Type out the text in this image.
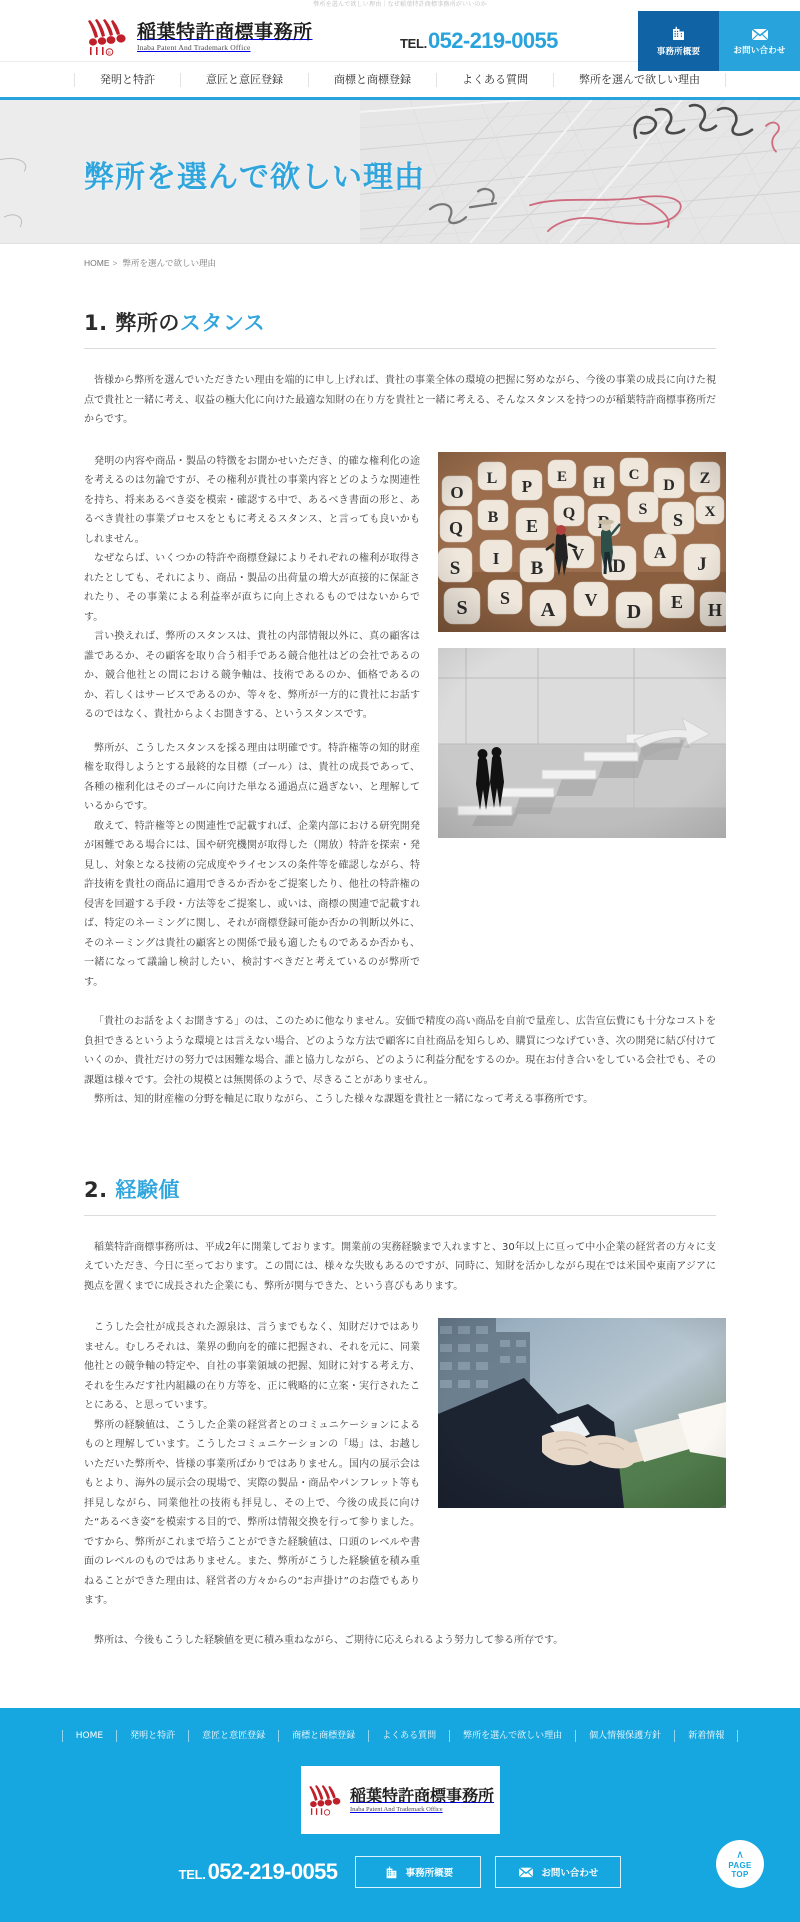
弊所を選んで欲しい理由｜なぜ稲葉特許商標事務所がいいのか
R
稲葉特許商標事務所
Inaba Patent And Trademark Office	TEL. 052-219-0055	事務所概要	お問い合わせ
発明と特許	意匠と意匠登録	商標と商標登録	よくある質問	弊所を選んで欲しい理由
弊所を選んで欲しい理由
HOME > 弊所を選んで欲しい理由
1. 弊所のスタンス

皆様から弊所を選んでいただきたい理由を端的に申し上げれば、貴社の事業全体の環境の把握に努めながら、今後の事業の成長に向けた視点で貴社と一緒に考え、収益の極大化に向けた最適な知財の在り方を貴社と一緒に考える、そんなスタンスを持つのが稲葉特許商標事務所だからです。

発明の内容や商品・製品の特徴をお聞かせいただき、的確な権利化の途を考えるのは勿論ですが、その権利が貴社の事業内容とどのような関連性を持ち、将来あるべき姿を模索・確認する中で、あるべき書面の形と、あるべき貴社の事業プロセスをともに考えるスタンス、と言っても良いかもしれません。

なぜならば、いくつかの特許や商標登録によりそれぞれの権利が取得されたとしても、それにより、商品・製品の出荷量の増大が直接的に保証されたり、その事業による利益率が直ちに向上されるものではないからです。

言い換えれば、弊所のスタンスは、貴社の内部情報以外に、真の顧客は誰であるか、その顧客を取り合う相手である競合他社はどの会社であるのか、競合他社との間における競争軸は、技術であるのか、価格であるのか、若しくはサービスであるのか、等々を、弊所が一方的に貴社にお話するのではなく、貴社からよくお聞きする、というスタンスです。

弊所が、こうしたスタンスを採る理由は明確です。特許権等の知的財産権を取得しようとする最終的な目標（ゴール）は、貴社の成長であって、各種の権利化はそのゴールに向けた単なる通過点に過ぎない、と理解しているからです。

敢えて、特許権等との関連性で記載すれば、企業内部における研究開発が困難である場合には、国や研究機関が取得した（開放）特許を探索・発見し、対象となる技術の完成度やライセンスの条件等を確認しながら、特許技術を貴社の商品に適用できるか否かをご提案したり、他社の特許権の侵害を回避する手段・方法等をご提案し、或いは、商標の関連で記載すれば、特定のネーミングに関し、それが商標登録可能か否かの判断以外に、そのネーミングは貴社の顧客との関係で最も適したものであるか否かも、一緒になって議論し検討したい、検討すべきだと考えているのが弊所です。

「貴社のお話をよくお聞きする」のは、このために他なりません。安価で精度の高い商品を自前で量産し、広告宣伝費にも十分なコストを負担できるというような環境とは言えない場合、どのような方法で顧客に自社商品を知らしめ、購買につなげていき、次の開発に結び付けていくのか、貴社だけの努力では困難な場合、誰と協力しながら、どのように利益分配をするのか。現在お付き合いをしている会社でも、その課題は様々です。会社の規模とは無関係のようで、尽きることがありません。

弊所は、知的財産権の分野を軸足に取りながら、こうした様々な課題を貴社と一緒になって考える事務所です。

2. 経験値

稲葉特許商標事務所は、平成2年に開業しております。開業前の実務経験まで入れますと、30年以上に亘って中小企業の経営者の方々に支えていただき、今日に至っております。この間には、様々な失敗もあるのですが、同時に、知財を活かしながら現在では米国や東南アジアに拠点を置くまでに成長された企業にも、弊所が関与できた、という喜びもあります。

こうした会社が成長された源泉は、言うまでもなく、知財だけではありません。むしろそれは、業界の動向を的確に把握され、それを元に、同業他社との競争軸の特定や、自社の事業領域の把握、知財に対する考え方、それを生みだす社内組織の在り方等を、正に戦略的に立案・実行されたことにある、と思っています。

弊所の経験値は、こうした企業の経営者とのコミュニケーションによるものと理解しています。こうしたコミュニケーションの「場」は、お越しいただいた弊所や、皆様の事業所ばかりではありません。国内の展示会はもとより、海外の展示会の現場で、実際の製品・商品やパンフレット等も拝見しながら、同業他社の技術も拝見し、その上で、今後の成長に向けた“あるべき姿”を模索する目的で、弊所は情報交換を行って参りました。ですから、弊所がこれまで培うことができた経験値は、口頭のレベルや書面のレベルのものではありません。また、弊所がこうした経験値を積み重ねることができた理由は、経営者の方々からの“お声掛け”のお蔭でもあります。

弊所は、今後もこうした経験値を更に積み重ねながら、ご期待に応えられるよう努力して参る所存です。

HOME	発明と特許	意匠と意匠登録	商標と商標登録	よくある質問	弊所を選んで欲しい理由	個人情報保護方針	新着情報
稲葉特許商標事務所
Inaba Patent And Trademark Office
TEL. 052-219-0055	事務所概要	お問い合わせ
∧
PAGE
TOP
